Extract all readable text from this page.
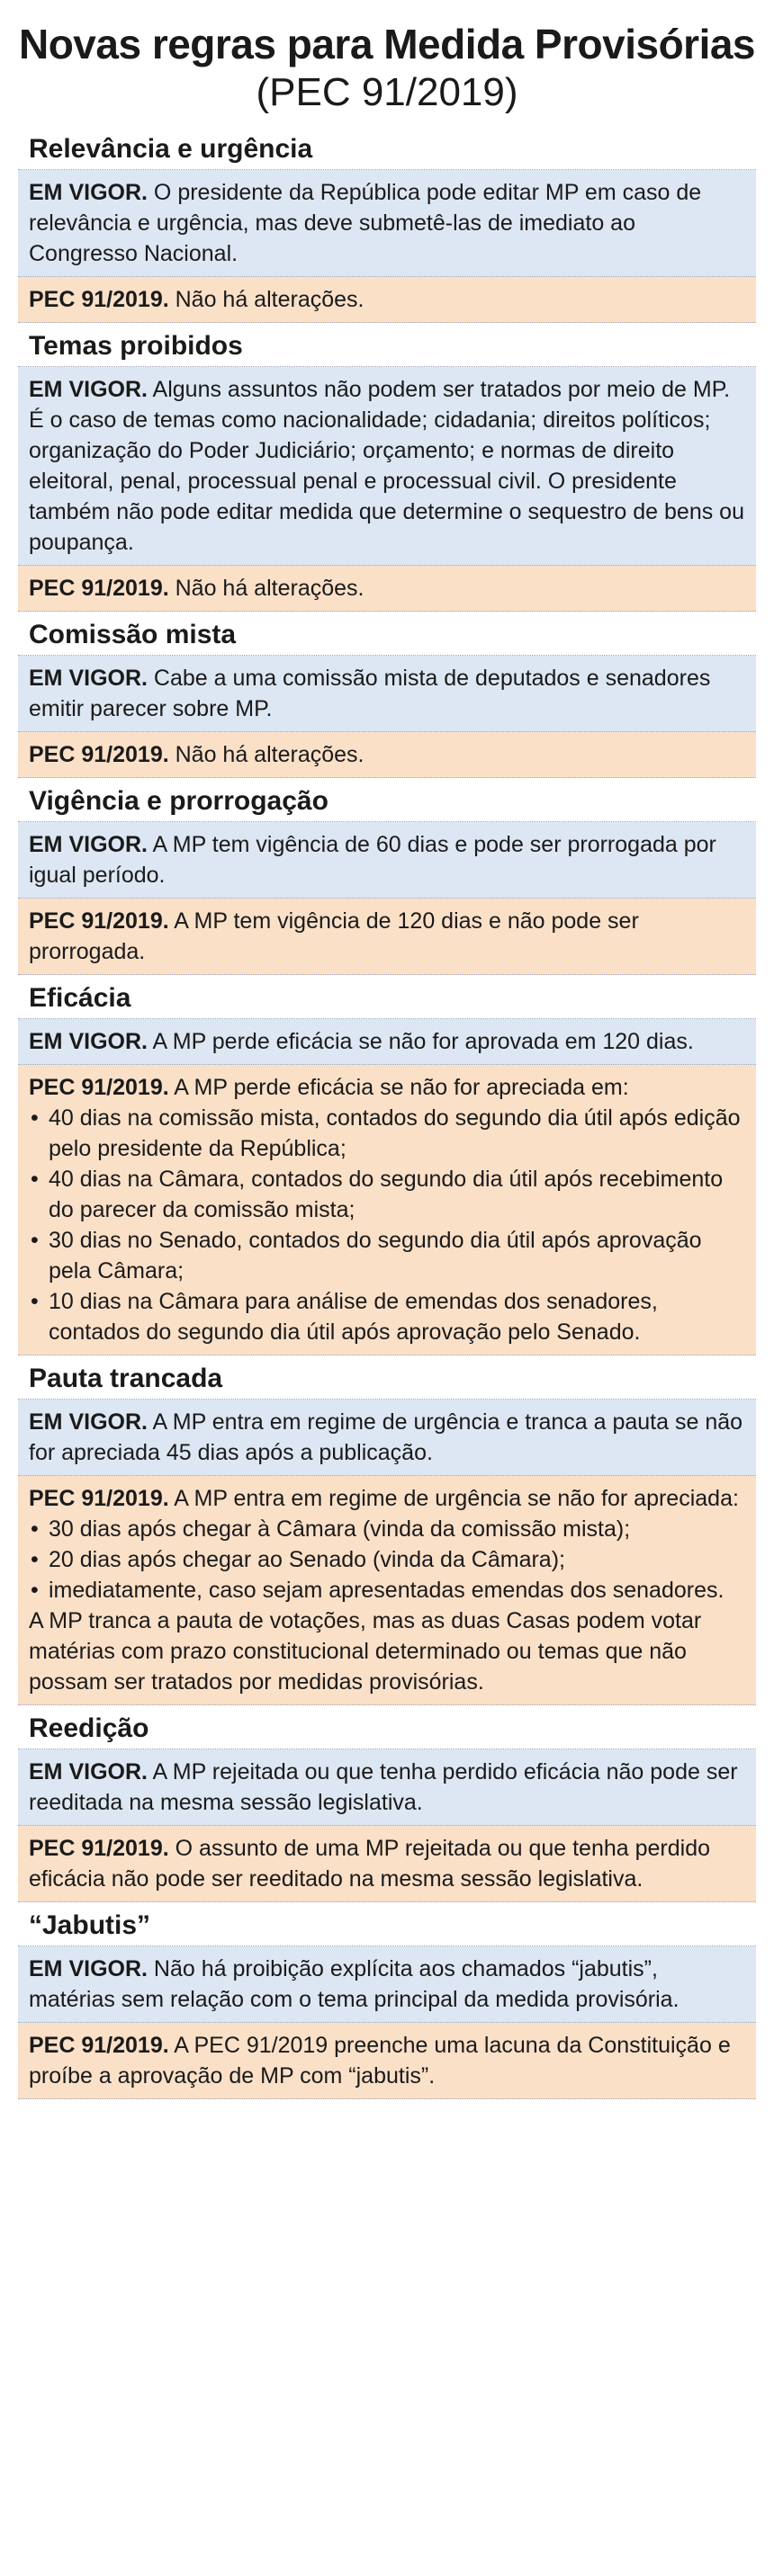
Novas regras para Medida Provisórias
(PEC 91/2019)
Relevância e urgência
EM VIGOR. O presidente da República pode editar MP em caso de relevância e urgência, mas deve submetê-las de imediato ao Congresso Nacional.
PEC 91/2019. Não há alterações.
Temas proibidos
EM VIGOR. Alguns assuntos não podem ser tratados por meio de MP. É o caso de temas como nacionalidade; cidadania; direitos políticos; organização do Poder Judiciário; orçamento; e normas de direito eleitoral, penal, processual penal e processual civil. O presidente também não pode editar medida que determine o sequestro de bens ou poupança.
PEC 91/2019. Não há alterações.
Comissão mista
EM VIGOR. Cabe a uma comissão mista de deputados e senadores emitir parecer sobre MP.
PEC 91/2019. Não há alterações.
Vigência e prorrogação
EM VIGOR. A MP tem vigência de 60 dias e pode ser prorrogada por igual período.
PEC 91/2019. A MP tem vigência de 120 dias e não pode ser prorrogada.
Eficácia
EM VIGOR. A MP perde eficácia se não for aprovada em 120 dias.
PEC 91/2019. A MP perde eficácia se não for apreciada em:
• 40 dias na comissão mista, contados do segundo dia útil após edição pelo presidente da República;
• 40 dias na Câmara, contados do segundo dia útil após recebimento do parecer da comissão mista;
• 30 dias no Senado, contados do segundo dia útil após aprovação pela Câmara;
• 10 dias na Câmara para análise de emendas dos senadores, contados do segundo dia útil após aprovação pelo Senado.
Pauta trancada
EM VIGOR. A MP entra em regime de urgência e tranca a pauta se não for apreciada 45 dias após a publicação.
PEC 91/2019. A MP entra em regime de urgência se não for apreciada:
• 30 dias após chegar à Câmara (vinda da comissão mista);
• 20 dias após chegar ao Senado (vinda da Câmara);
• imediatamente, caso sejam apresentadas emendas dos senadores.
A MP tranca a pauta de votações, mas as duas Casas podem votar matérias com prazo constitucional determinado ou temas que não possam ser tratados por medidas provisórias.
Reedição
EM VIGOR. A MP rejeitada ou que tenha perdido eficácia não pode ser reeditada na mesma sessão legislativa.
PEC 91/2019. O assunto de uma MP rejeitada ou que tenha perdido eficácia não pode ser reeditado na mesma sessão legislativa.
“Jabutis”
EM VIGOR. Não há proibição explícita aos chamados “jabutis”, matérias sem relação com o tema principal da medida provisória.
PEC 91/2019. A PEC 91/2019 preenche uma lacuna da Constituição e proíbe a aprovação de MP com “jabutis”.
